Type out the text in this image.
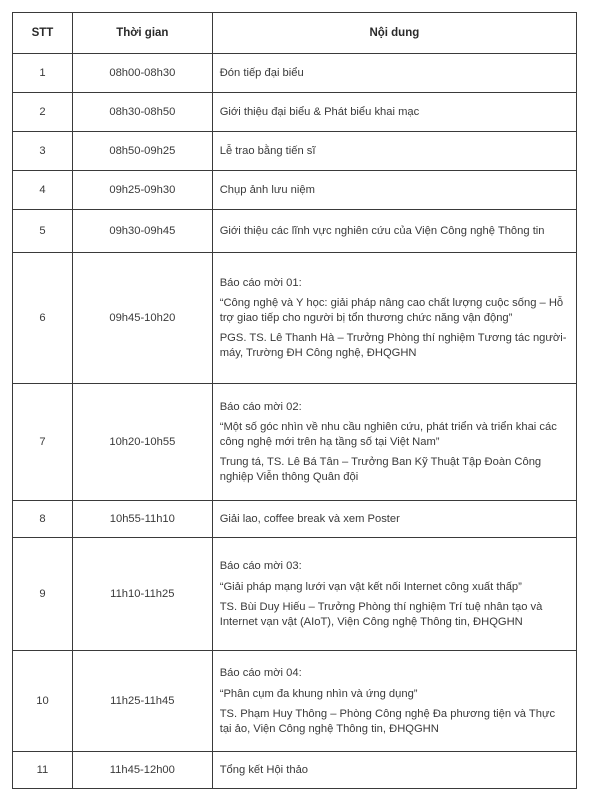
STT	Thời gian	Nội dung
1	08h00-08h30	Đón tiếp đại biểu

2	08h30-08h50	Giới thiệu đại biểu & Phát biểu khai mạc

3	08h50-09h25	Lễ trao bằng tiến sĩ

4	09h25-09h30	Chụp ảnh lưu niệm

5	09h30-09h45	Giới thiệu các lĩnh vực nghiên cứu của Viện Công nghệ Thông tin

6	09h45-10h20	Báo cáo mời 01:
“Công nghệ và Y học: giải pháp nâng cao chất lượng cuộc sống – Hỗ trợ giao tiếp cho người bị tổn thương chức năng vận động”
PGS. TS. Lê Thanh Hà – Trưởng Phòng thí nghiệm Tương tác người-máy, Trường ĐH Công nghệ, ĐHQGHN

7	10h20-10h55	Báo cáo mời 02:
“Một số góc nhìn về nhu cầu nghiên cứu, phát triển và triển khai các công nghệ mới trên hạ tầng số tại Việt Nam”
Trung tá, TS. Lê Bá Tân – Trưởng Ban Kỹ Thuật Tập Đoàn Công nghiệp Viễn thông Quân đội

8	10h55-11h10	Giải lao, coffee break và xem Poster

9	11h10-11h25	Báo cáo mời 03:
“Giải pháp mạng lưới vạn vật kết nối Internet công xuất thấp”
TS. Bùi Duy Hiếu – Trưởng Phòng thí nghiệm Trí tuệ nhân tạo và Internet vạn vật (AIoT), Viện Công nghệ Thông tin, ĐHQGHN

10	11h25-11h45	Báo cáo mời 04:
“Phân cụm đa khung nhìn và ứng dụng”
TS. Phạm Huy Thông – Phòng Công nghệ Đa phương tiện và Thực tại ảo, Viện Công nghệ Thông tin, ĐHQGHN

11	11h45-12h00	Tổng kết Hội thảo
